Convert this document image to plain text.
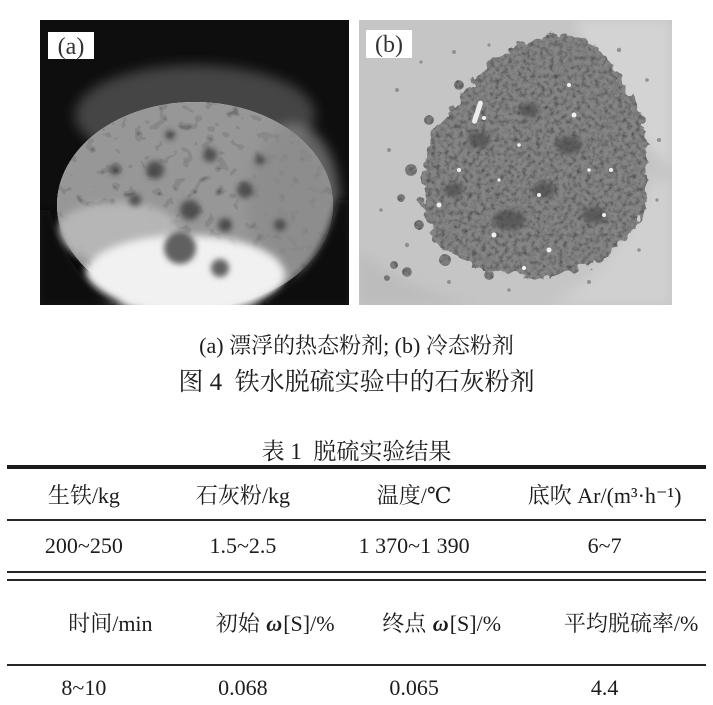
(a)	(b)
(a) 漂浮的热态粉剂; (b) 冷态粉剂
图 4  铁水脱硫实验中的石灰粉剂
表 1  脱硫实验结果
生铁/kg	石灰粉/kg	温度/℃	底吹 Ar/(m³·h⁻¹)
200~250	1.5~2.5	1 370~1 390	6~7

时间/min	初始 ω[S]/%	终点 ω[S]/%	平均脱硫率/%

8~10	0.068	0.065	4.4
